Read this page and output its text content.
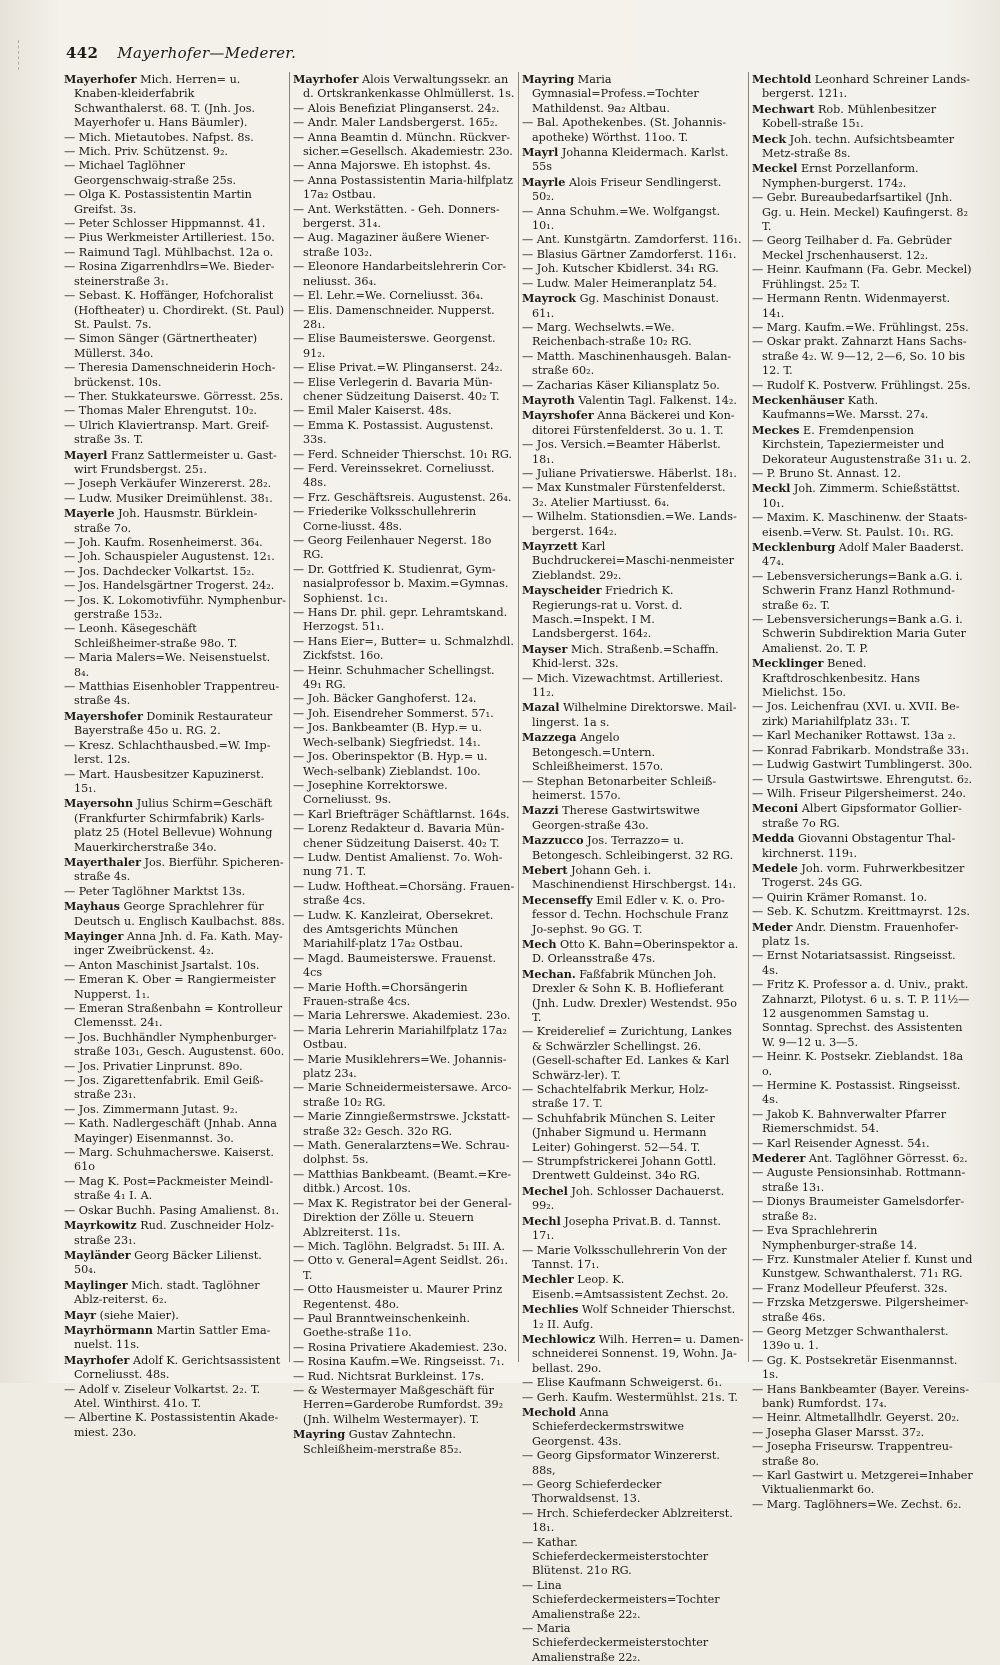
442 Mayerhofer—Mederer.

Mayerhofer Mich. Herren= u. Knaben-kleiderfabrik Schwanthalerst. 68. T. (Jnh. Jos. Mayerhofer u. Hans Bäumler).

— Mich. Mietautobes. Nafpst. 8s.

— Mich. Priv. Schützenst. 9₂.

— Michael Taglöhner Georgenschwaig-straße 25s.

— Olga K. Postassistentin Martin Greifst. 3s.

— Peter Schlosser Hippmannst. 41.

— Pius Werkmeister Artilleriest. 15o.

— Raimund Tagl. Mühlbachst. 12a o.

— Rosina Zigarrenhdlrs=We. Bieder-steinerstraße 3₁.

— Sebast. K. Hoffänger, Hofchoralist (Hoftheater) u. Chordirekt. (St. Paul) St. Paulst. 7s.

— Simon Sänger (Gärtnertheater) Müllerst. 34o.

— Theresia Damenschneiderin Hoch-brückenst. 10s.

— Ther. Stukkateurswe. Görresst. 25s.

— Thomas Maler Ehrengutst. 10₂.

— Ulrich Klaviertransp. Mart. Greif-straße 3s. T.

Mayerl Franz Sattlermeister u. Gast-wirt Frundsbergst. 25₁.

— Joseph Verkäufer Winzererst. 28₂.

— Ludw. Musiker Dreimühlenst. 38₁.

Mayerle Joh. Hausmstr. Bürklein-straße 7o.

— Joh. Kaufm. Rosenheimerst. 36₄.

— Joh. Schauspieler Augustenst. 12₁.

— Jos. Dachdecker Volkartst. 15₂.

— Jos. Handelsgärtner Trogerst. 24₂.

— Jos. K. Lokomotivführ. Nymphenbur-gerstraße 153₂.

— Leonh. Käsegeschäft Schleißheimer-straße 98o. T.

— Maria Malers=We. Neisenstuelst. 8₄.

— Matthias Eisenhobler Trappentreu-straße 4s.

Mayershofer Dominik Restaurateur Bayerstraße 45o u. RG. 2.

— Kresz. Schlachthausbed.=W. Imp-lerst. 12s.

— Mart. Hausbesitzer Kapuzinerst. 15₁.

Mayersohn Julius Schirm=Geschäft (Frankfurter Schirmfabrik) Karls-platz 25 (Hotel Bellevue) Wohnung Mauerkircherstraße 34o.

Mayerthaler Jos. Bierführ. Spicheren-straße 4s.

— Peter Taglöhner Marktst 13s.

Mayhaus George Sprachlehrer für Deutsch u. Englisch Kaulbachst. 88s.

Mayinger Anna Jnh. d. Fa. Kath. May-inger Zweibrückenst. 4₂.

— Anton Maschinist Jsartalst. 10s.

— Emeran K. Ober = Rangiermeister Nupperst. 1₁.

— Emeran Straßenbahn = Kontrolleur Clemensst. 24₁.

— Jos. Buchhändler Nymphenburger-straße 103₁, Gesch. Augustenst. 60o.

— Jos. Privatier Linprunst. 89o.

— Jos. Zigarettenfabrik. Emil Geiß-straße 23₁.

— Jos. Zimmermann Jutast. 9₂.

— Kath. Nadlergeschäft (Jnhab. Anna Mayinger) Eisenmannst. 3o.

— Marg. Schuhmacherswe. Kaiserst. 61o

— Mag K. Post=Packmeister Meindl-straße 4₁ I. A.

— Oskar Buchh. Pasing Amalienst. 8₁.

Mayrkowitz Rud. Zuschneider Holz-straße 23₁.

Mayländer Georg Bäcker Lilienst. 50₄.

Maylinger Mich. stadt. Taglöhner Ablz-reiterst. 6₂.

Mayr (siehe Maier).

Mayrhörmann Martin Sattler Ema-nuelst. 11s.

Mayrhofer Adolf K. Gerichtsassistent Corneliusst. 48s.

— Adolf v. Ziseleur Volkartst. 2₂. T. Atel. Winthirst. 41o. T.

— Albertine K. Postassistentin Akade-miest. 23o.

Mayrhofer Alois Verwaltungssekr. an d. Ortskrankenkasse Ohlmüllerst. 1s.

— Alois Benefiziat Plinganserst. 24₂.

— Andr. Maler Landsbergerst. 165₂.

— Anna Beamtin d. Münchn. Rückver-sicher.=Gesellsch. Akademiestr. 23o.

— Anna Majorswe. Eh istophst. 4s.

— Anna Postassistentin Maria-hilfplatz 17a₂ Ostbau.

— Ant. Werkstätten. - Geh. Donners-bergerst. 31₄.

— Aug. Magaziner äußere Wiener-straße 103₂.

— Eleonore Handarbeitslehrerin Cor-neliusst. 36₄.

— El. Lehr.=We. Corneliusst. 36₄.

— Elis. Damenschneider. Nupperst. 28₁.

— Elise Baumeisterswe. Georgenst. 91₂.

— Elise Privat.=W. Plinganserst. 24₂.

— Elise Verlegerin d. Bavaria Mün-chener Südzeitung Daiserst. 40₂ T.

— Emil Maler Kaiserst. 48s.

— Emma K. Postassist. Augustenst. 33s.

— Ferd. Schneider Thierschst. 10₁ RG.

— Ferd. Vereinssekret. Corneliusst. 48s.

— Frz. Geschäftsreis. Augustenst. 26₄.

— Friederike Volksschullehrerin Corne-liusst. 48s.

— Georg Feilenhauer Negerst. 18o RG.

— Dr. Gottfried K. Studienrat, Gym-nasialprofessor b. Maxim.=Gymnas. Sophienst. 1c₁.

— Hans Dr. phil. gepr. Lehramtskand. Herzogst. 51₁.

— Hans Eier=, Butter= u. Schmalzhdl. Zickfstst. 16o.

— Heinr. Schuhmacher Schellingst. 49₁ RG.

— Joh. Bäcker Ganghoferst. 12₄.

— Joh. Eisendreher Sommerst. 57₁.

— Jos. Bankbeamter (B. Hyp.= u. Wech-selbank) Siegfriedst. 14₁.

— Jos. Oberinspektor (B. Hyp.= u. Wech-selbank) Zieblandst. 10o.

— Josephine Korrektorswe. Corneliusst. 9s.

— Karl Briefträger Schäftlarnst. 164s.

— Lorenz Redakteur d. Bavaria Mün-chener Südzeitung Daiserst. 40₂ T.

— Ludw. Dentist Amalienst. 7o. Woh-nung 71. T.

— Ludw. Hoftheat.=Chorsäng. Frauen-straße 4cs.

— Ludw. K. Kanzleirat, Obersekret. des Amtsgerichts München Mariahilf-platz 17a₂ Ostbau.

— Magd. Baumeisterswe. Frauenst. 4cs

— Marie Hofth.=Chorsängerin Frauen-straße 4cs.

— Maria Lehrerswe. Akademiest. 23o.

— Maria Lehrerin Mariahilfplatz 17a₂ Ostbau.

— Marie Musiklehrers=We. Johannis-platz 23₄.

— Marie Schneidermeistersawe. Arco-straße 10₂ RG.

— Marie Zinngießermstrswe. Jckstatt-straße 32₂ Gesch. 32o RG.

— Math. Generalarztens=We. Schrau-dolphst. 5s.

— Matthias Bankbeamt. (Beamt.=Kre-ditbk.) Arcost. 10s.

— Max K. Registrator bei der General-Direktion der Zölle u. Steuern Ablzreiterst. 11s.

— Mich. Taglöhn. Belgradst. 5₁ III. A.

— Otto v. General=Agent Seidlst. 26₁. T.

— Otto Hausmeister u. Maurer Prinz Regentenst. 48o.

— Paul Branntweinschenkeinh. Goethe-straße 11o.

— Rosina Privatiere Akademiest. 23o.

— Rosina Kaufm.=We. Ringseisst. 7₁.

— Rud. Nichtsrat Burkleinst. 17s.

— & Westermayer Maßgeschäft für Herren=Garderobe Rumfordst. 39₂ (Jnh. Wilhelm Westermayer). T.

Mayring Gustav Zahntechn. Schleißheim-merstraße 85₂.

Mayring Maria Gymnasial=Profess.=Tochter Mathildenst. 9a₂ Altbau.

— Bal. Apothekenbes. (St. Johannis-apotheke) Wörthst. 11oo. T.

Mayrl Johanna Kleidermach. Karlst. 55s

Mayrle Alois Friseur Sendlingerst. 50₂.

— Anna Schuhm.=We. Wolfgangst. 10₁.

— Ant. Kunstgärtn. Zamdorferst. 116₁.

— Blasius Gärtner Zamdorferst. 116₁.

— Joh. Kutscher Kbidlerst. 34₁ RG.

— Ludw. Maler Heimeranplatz 54.

Mayrock Gg. Maschinist Donaust. 61₁.

— Marg. Wechselwts.=We. Reichenbach-straße 10₂ RG.

— Matth. Maschinenhausgeh. Balan-straße 60₂.

— Zacharias Käser Kiliansplatz 5o.

Mayroth Valentin Tagl. Falkenst. 14₂.

Mayrshofer Anna Bäckerei und Kon-ditorei Fürstenfelderst. 3o u. 1. T.

— Jos. Versich.=Beamter Häberlst. 18₁.

— Juliane Privatierswe. Häberlst. 18₁.

— Max Kunstmaler Fürstenfelderst. 3₂. Atelier Martiusst. 6₄.

— Wilhelm. Stationsdien.=We. Lands-bergerst. 164₂.

Mayrzett Karl Buchdruckerei=Maschi-nenmeister Zieblandst. 29₂.

Mayscheider Friedrich K. Regierungs-rat u. Vorst. d. Masch.=Inspekt. I M. Landsbergerst. 164₂.

Mayser Mich. Straßenb.=Schaffn. Khid-lerst. 32s.

— Mich. Vizewachtmst. Artilleriest. 11₂.

Mazal Wilhelmine Direktorswe. Mail-lingerst. 1a s.

Mazzega Angelo Betongesch.=Untern. Schleißheimerst. 157o.

— Stephan Betonarbeiter Schleiß-heimerst. 157o.

Mazzi Therese Gastwirtswitwe Georgen-straße 43o.

Mazzucco Jos. Terrazzo= u. Betongesch. Schleibingerst. 32 RG.

Mebert Johann Geh. i. Maschinendienst Hirschbergst. 14₁.

Mecenseffy Emil Edler v. K. o. Pro-fessor d. Techn. Hochschule Franz Jo-sephst. 9o GG. T.

Mech Otto K. Bahn=Oberinspektor a. D. Orleansstraße 47s.

Mechan. Faßfabrik München Joh. Drexler & Sohn K. B. Hoflieferant (Jnh. Ludw. Drexler) Westendst. 95o T.

— Kreiderelief = Zurichtung, Lankes & Schwärzler Schellingst. 26. (Gesell-schafter Ed. Lankes & Karl Schwärz-ler). T.

— Schachtelfabrik Merkur, Holz-straße 17. T.

— Schuhfabrik München S. Leiter (Jnhaber Sigmund u. Hermann Leiter) Gohingerst. 52—54. T.

— Strumpfstrickerei Johann Gottl. Drentwett Guldeinst. 34o RG.

Mechel Joh. Schlosser Dachauerst. 99₂.

Mechl Josepha Privat.B. d. Tannst. 17₁.

— Marie Volksschullehrerin Von der Tannst. 17₁.

Mechler Leop. K. Eisenb.=Amtsassistent Zechst. 2o.

Mechlies Wolf Schneider Thierschst. 1₂ II. Aufg.

Mechlowicz Wilh. Herren= u. Damen-schneiderei Sonnenst. 19, Wohn. Ja-bellast. 29o.

— Elise Kaufmann Schweigerst. 6₁.

— Gerh. Kaufm. Westermühlst. 21s. T.

Mechold Anna Schieferdeckermstrswitwe Georgenst. 43s.

— Georg Gipsformator Winzererst. 88s,

— Georg Schieferdecker Thorwaldsenst. 13.

— Hrch. Schieferdecker Ablzreiterst. 18₁.

— Kathar. Schieferdeckermeisterstochter Blütenst. 21o RG.

— Lina Schieferdeckermeisters=Tochter Amalienstraße 22₂.

— Maria Schieferdeckermeisterstochter Amalienstraße 22₂.

Mechtold Leonhard Schreiner Lands-bergerst. 121₁.

Mechwart Rob. Mühlenbesitzer Kobell-straße 15₁.

Meck Joh. techn. Aufsichtsbeamter Metz-straße 8s.

Meckel Ernst Porzellanform. Nymphen-burgerst. 174₂.

— Gebr. Bureaubedarfsartikel (Jnh. Gg. u. Hein. Meckel) Kaufingerst. 8₂ T.

— Georg Teilhaber d. Fa. Gebrüder Meckel Jrschenhauserst. 12₂.

— Heinr. Kaufmann (Fa. Gebr. Meckel) Frühlingst. 25₂ T.

— Hermann Rentn. Widenmayerst. 14₁.

— Marg. Kaufm.=We. Frühlingst. 25s.

— Oskar prakt. Zahnarzt Hans Sachs-straße 4₂. W. 9—12, 2—6, So. 10 bis 12. T.

— Rudolf K. Postverw. Frühlingst. 25s.

Meckenhäuser Kath. Kaufmanns=We. Marsst. 27₄.

Meckes E. Fremdenpension Kirchstein, Tapeziermeister und Dekorateur Augustenstraße 31₁ u. 2.

— P. Bruno St. Annast. 12.

Meckl Joh. Zimmerm. Schießstättst. 10₁.

— Maxim. K. Maschinenw. der Staats-eisenb.=Verw. St. Paulst. 10₁. RG.

Mecklenburg Adolf Maler Baaderst. 47₄.

— Lebensversicherungs=Bank a.G. i. Schwerin Franz Hanzl Rothmund-straße 6₂. T.

— Lebensversicherungs=Bank a.G. i. Schwerin Subdirektion Maria Guter Amalienst. 2o. T. P.

Mecklinger Bened. Kraftdroschkenbesitz. Hans Mielichst. 15o.

— Jos. Leichenfrau (XVI. u. XVII. Be-zirk) Mariahilfplatz 33₁. T.

— Karl Mechaniker Rottawst. 13a ₂.

— Konrad Fabrikarb. Mondstraße 33₁.

— Ludwig Gastwirt Tumblingerst. 30o.

— Ursula Gastwirtswe. Ehrengutst. 6₂.

— Wilh. Friseur Pilgersheimerst. 24o.

Meconi Albert Gipsformator Gollier-straße 7o RG.

Medda Giovanni Obstagentur Thal-kirchnerst. 119₁.

Medele Joh. vorm. Fuhrwerkbesitzer Trogerst. 24s GG.

— Quirin Krämer Romanst. 1o.

— Seb. K. Schutzm. Kreittmayrst. 12s.

Meder Andr. Dienstm. Frauenhofer-platz 1s.

— Ernst Notariatsassist. Ringseisst. 4s.

— Fritz K. Professor a. d. Univ., prakt. Zahnarzt, Pilotyst. 6 u. s. T. P. 11½—12 ausgenommen Samstag u. Sonntag. Sprechst. des Assistenten W. 9—12 u. 3—5.

— Heinr. K. Postsekr. Zieblandst. 18a o.

— Hermine K. Postassist. Ringseisst. 4s.

— Jakob K. Bahnverwalter Pfarrer Riemerschmidst. 54.

— Karl Reisender Agnesst. 54₁.

Mederer Ant. Taglöhner Görresst. 6₂.

— Auguste Pensionsinhab. Rottmann-straße 13₁.

— Dionys Braumeister Gamelsdorfer-straße 8₂.

— Eva Sprachlehrerin Nymphenburger-straße 14.

— Frz. Kunstmaler Atelier f. Kunst und Kunstgew. Schwanthalerst. 71₁ RG.

— Franz Modelleur Pfeuferst. 32s.

— Frzska Metzgerswe. Pilgersheimer-straße 46s.

— Georg Metzger Schwanthalerst. 139o u. 1.

— Gg. K. Postsekretär Eisenmannst. 1s.

— Hans Bankbeamter (Bayer. Vereins-bank) Rumfordst. 17₄.

— Heinr. Altmetallhdlr. Geyerst. 20₂.

— Josepha Glaser Marsst. 37₂.

— Josepha Friseursw. Trappentreu-straße 8o.

— Karl Gastwirt u. Metzgerei=Inhaber Viktualienmarkt 6o.

— Marg. Taglöhners=We. Zechst. 6₂.
